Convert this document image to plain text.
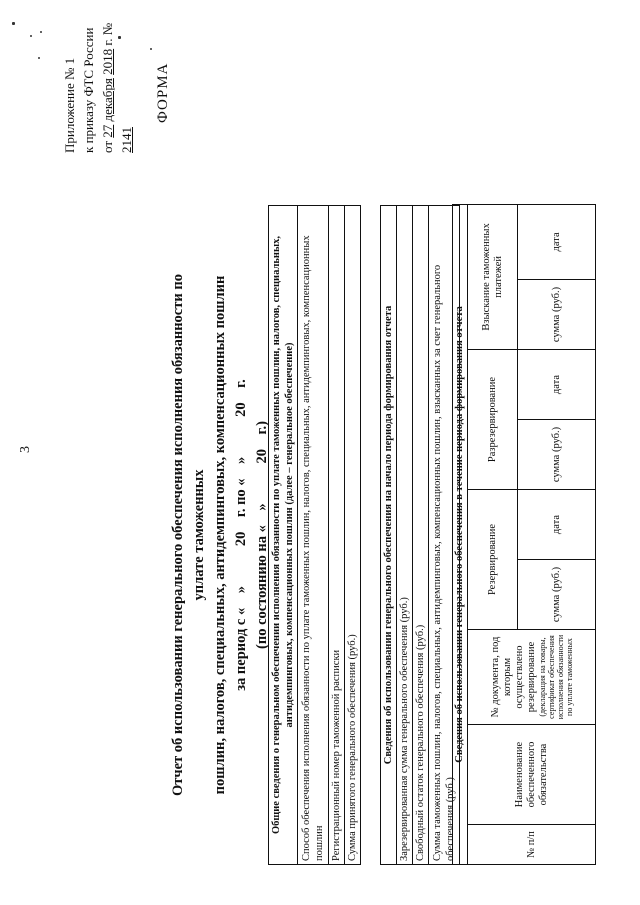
3
Приложение № 1 к приказу ФТС России от 27 декабря 2018 г. № 2141
ФОРМА
Отчет об использовании генерального обеспечения исполнения обязанности по уплате таможенных пошлин, налогов, специальных, антидемпинговых, компенсационных пошлин за период с «    »           20    г. по «    »           20    г. (по состоянию на «    »           20    г.) Общие сведения о генеральном обеспечении исполнения обязанности по уплате таможенных пошлин, налогов, специальных, антидемпинговых, компенсационных пошлин (далее – генеральное обеспечение)
Способ обеспечения исполнения обязанности по уплате таможенных пошлин, налогов, специальных, антидемпинговых, компенсационных пошлин
Регистрационный номер таможенной расписки
Сумма принятого генерального обеспечения (руб.) Сведения об использовании генерального обеспечения на начало периода формирования отчета
Зарезервированная сумма генерального обеспечения (руб.)
Свободный остаток генерального обеспечения (руб.)
Сумма таможенных пошлин, налогов, специальных, антидемпинговых, компенсационных пошлин, взысканных за счет генерального обеспечения (руб.)
Сведения об использовании генерального обеспечения в течение периода формирования отчета								
№ п/п	Наименование обеспеченного обязательства	№ документа, под которым осуществлено резервирование (декларация на товары, сертификат обеспечения исполнения обязанности по уплате таможенных	Резервирование		Разрезервирование		Взыскание таможенных платежей	
			сумма (руб.)	дата	сумма (руб.)	дата	сумма (руб.)	дата
